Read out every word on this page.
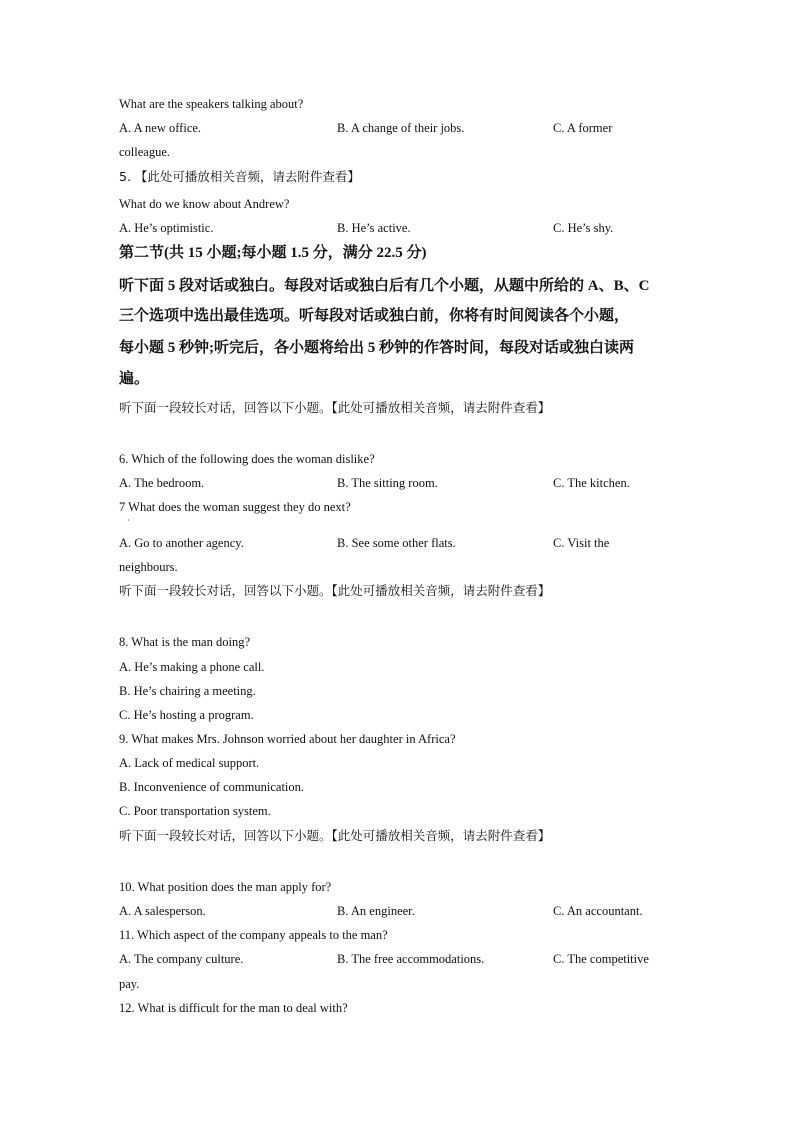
What are the speakers talking about?
A. A new office.	B. A change of their jobs.	C. A former
colleague.
5. 【此处可播放相关音频，请去附件查看】
What do we know about Andrew?
A. He’s optimistic.	B. He’s active.	C. He’s shy.
第二节(共 15 小题;每小题 1.5 分，满分 22.5 分)
听下面 5 段对话或独白。每段对话或独白后有几个小题，从题中所给的 A、B、C
三个选项中选出最佳选项。听每段对话或独白前，你将有时间阅读各个小题，
每小题 5 秒钟;听完后，各小题将给出 5 秒钟的作答时间，每段对话或独白读两
遍。
听下面一段较长对话，回答以下小题。【此处可播放相关音频，请去附件查看】
6. Which of the following does the woman dislike?
A. The bedroom.	B. The sitting room.	C. The kitchen.
7 What does the woman suggest they do next?
·
A. Go to another agency.	B. See some other flats.	C. Visit the
neighbours.
听下面一段较长对话，回答以下小题。【此处可播放相关音频，请去附件查看】
8. What is the man doing?
A. He’s making a phone call.
B. He’s chairing a meeting.
C. He’s hosting a program.
9. What makes Mrs. Johnson worried about her daughter in Africa?
A. Lack of medical support.
B. Inconvenience of communication.
C. Poor transportation system.
听下面一段较长对话，回答以下小题。【此处可播放相关音频，请去附件查看】
10. What position does the man apply for?
A. A salesperson.	B. An engineer.	C. An accountant.
11. Which aspect of the company appeals to the man?
A. The company culture.	B. The free accommodations.	C. The competitive
pay.
12. What is difficult for the man to deal with?
